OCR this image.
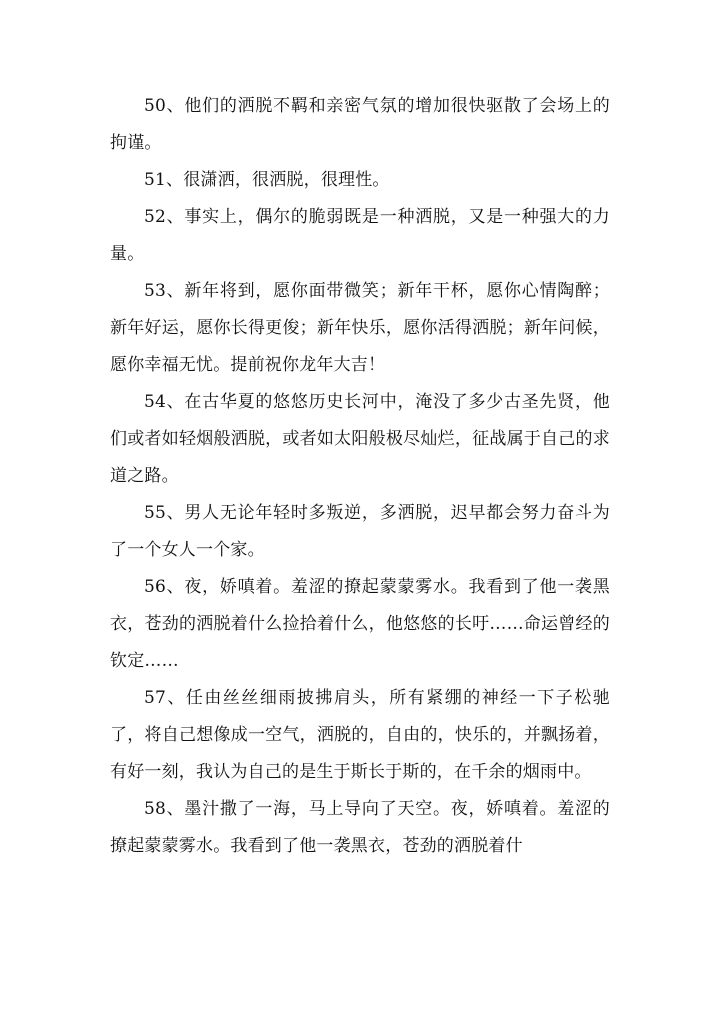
50、他们的洒脱不羁和亲密气氛的增加很快驱散了会场上的拘谨。

51、很潇洒，很洒脱，很理性。

52、事实上，偶尔的脆弱既是一种洒脱，又是一种强大的力量。

53、新年将到，愿你面带微笑；新年干杯，愿你心情陶醉；新年好运，愿你长得更俊；新年快乐，愿你活得洒脱；新年问候，愿你幸福无忧。提前祝你龙年大吉！

54、在古华夏的悠悠历史长河中，淹没了多少古圣先贤，他们或者如轻烟般洒脱，或者如太阳般极尽灿烂，征战属于自己的求道之路。

55、男人无论年轻时多叛逆，多洒脱，迟早都会努力奋斗为了一个女人一个家。

56、夜，娇嗔着。羞涩的撩起蒙蒙雾水。我看到了他一袭黑衣，苍劲的洒脱着什么捡拾着什么，他悠悠的长吁……命运曾经的钦定……

57、任由丝丝细雨披拂肩头，所有紧绷的神经一下子松驰了，将自己想像成一空气，洒脱的，自由的，快乐的，并飘扬着，有好一刻，我认为自己的是生于斯长于斯的，在千余的烟雨中。

58、墨汁撒了一海，马上导向了天空。夜，娇嗔着。羞涩的撩起蒙蒙雾水。我看到了他一袭黑衣，苍劲的洒脱着什
